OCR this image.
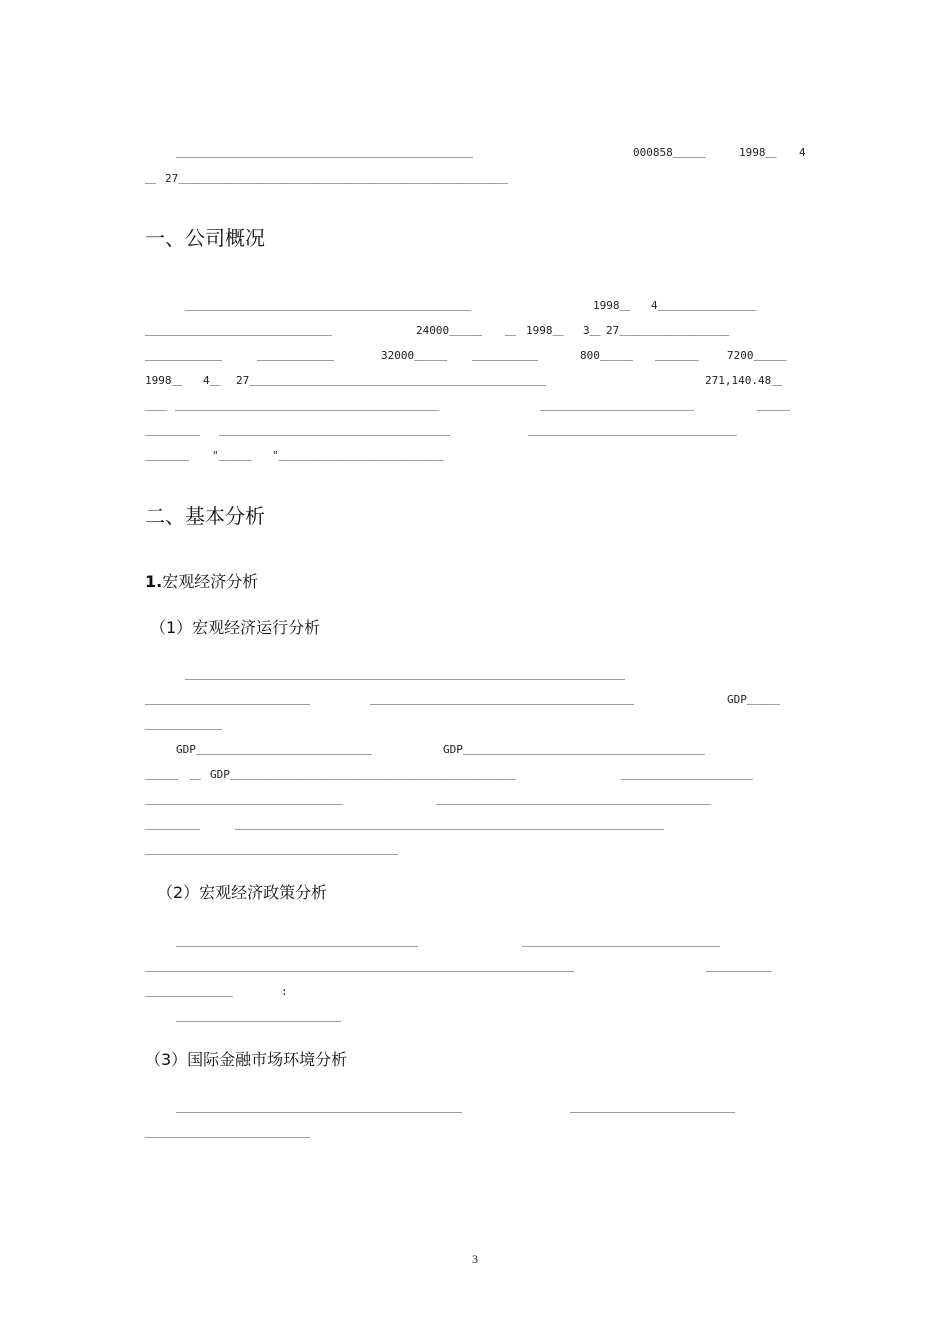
＿＿＿＿＿＿＿＿＿＿＿＿＿＿＿＿＿＿＿＿＿＿＿＿＿＿＿	000858＿＿＿	1998＿ 4
＿ 27＿＿＿＿＿＿＿＿＿＿＿＿＿＿＿＿＿＿＿＿＿＿＿＿＿＿＿＿＿＿
一、公司概况
＿＿＿＿＿＿＿＿＿＿＿＿＿＿＿＿＿＿＿＿＿＿＿＿＿＿	1998＿ 4＿＿＿＿＿＿＿＿＿
＿＿＿＿＿＿＿＿＿＿＿＿＿＿＿＿＿	24000＿＿＿ ＿ 1998＿ 3＿ 27＿＿＿＿＿＿＿＿＿＿
＿＿＿＿＿＿＿	＿＿＿＿＿＿＿	32000＿＿＿ ＿＿＿＿＿＿	800＿＿＿ ＿＿＿＿	7200＿＿＿
1998＿ 4＿ 27＿＿＿＿＿＿＿＿＿＿＿＿＿＿＿＿＿＿＿＿＿＿＿＿＿＿＿	271,140.48＿
＿＿ ＿＿＿＿＿＿＿＿＿＿＿＿＿＿＿＿＿＿＿＿＿＿＿＿	＿＿＿＿＿＿＿＿＿＿＿＿＿＿	＿＿＿
＿＿＿＿＿ ＿＿＿＿＿＿＿＿＿＿＿＿＿＿＿＿＿＿＿＿＿	＿＿＿＿＿＿＿＿＿＿＿＿＿＿＿＿＿＿＿
＿＿＿＿ "＿＿＿ "＿＿＿＿＿＿＿＿＿＿＿＿＿＿＿
二、基本分析
1.宏观经济分析
（1）宏观经济运行分析
＿＿＿＿＿＿＿＿＿＿＿＿＿＿＿＿＿＿＿＿＿＿＿＿＿＿＿＿＿＿＿＿＿＿＿＿＿＿＿＿
＿＿＿＿＿＿＿＿＿＿＿＿＿＿＿	＿＿＿＿＿＿＿＿＿＿＿＿＿＿＿＿＿＿＿＿＿＿＿＿	GDP＿＿＿
＿＿＿＿＿＿＿
GDP＿＿＿＿＿＿＿＿＿＿＿＿＿＿＿＿	GDP＿＿＿＿＿＿＿＿＿＿＿＿＿＿＿＿＿＿＿＿＿＿
＿＿＿ ＿ GDP＿＿＿＿＿＿＿＿＿＿＿＿＿＿＿＿＿＿＿＿＿＿＿＿＿＿	＿＿＿＿＿＿＿＿＿＿＿＿
＿＿＿＿＿＿＿＿＿＿＿＿＿＿＿＿＿＿	＿＿＿＿＿＿＿＿＿＿＿＿＿＿＿＿＿＿＿＿＿＿＿＿＿
＿＿＿＿＿	＿＿＿＿＿＿＿＿＿＿＿＿＿＿＿＿＿＿＿＿＿＿＿＿＿＿＿＿＿＿＿＿＿＿＿＿＿＿＿
＿＿＿＿＿＿＿＿＿＿＿＿＿＿＿＿＿＿＿＿＿＿＿
（2）宏观经济政策分析
＿＿＿＿＿＿＿＿＿＿＿＿＿＿＿＿＿＿＿＿＿＿	＿＿＿＿＿＿＿＿＿＿＿＿＿＿＿＿＿＿
＿＿＿＿＿＿＿＿＿＿＿＿＿＿＿＿＿＿＿＿＿＿＿＿＿＿＿＿＿＿＿＿＿＿＿＿＿＿＿	＿＿＿＿＿＿
＿＿＿＿＿＿＿＿	:
＿＿＿＿＿＿＿＿＿＿＿＿＿＿＿
（3）国际金融市场环境分析
＿＿＿＿＿＿＿＿＿＿＿＿＿＿＿＿＿＿＿＿＿＿＿＿＿＿	＿＿＿＿＿＿＿＿＿＿＿＿＿＿＿
＿＿＿＿＿＿＿＿＿＿＿＿＿＿＿
3
